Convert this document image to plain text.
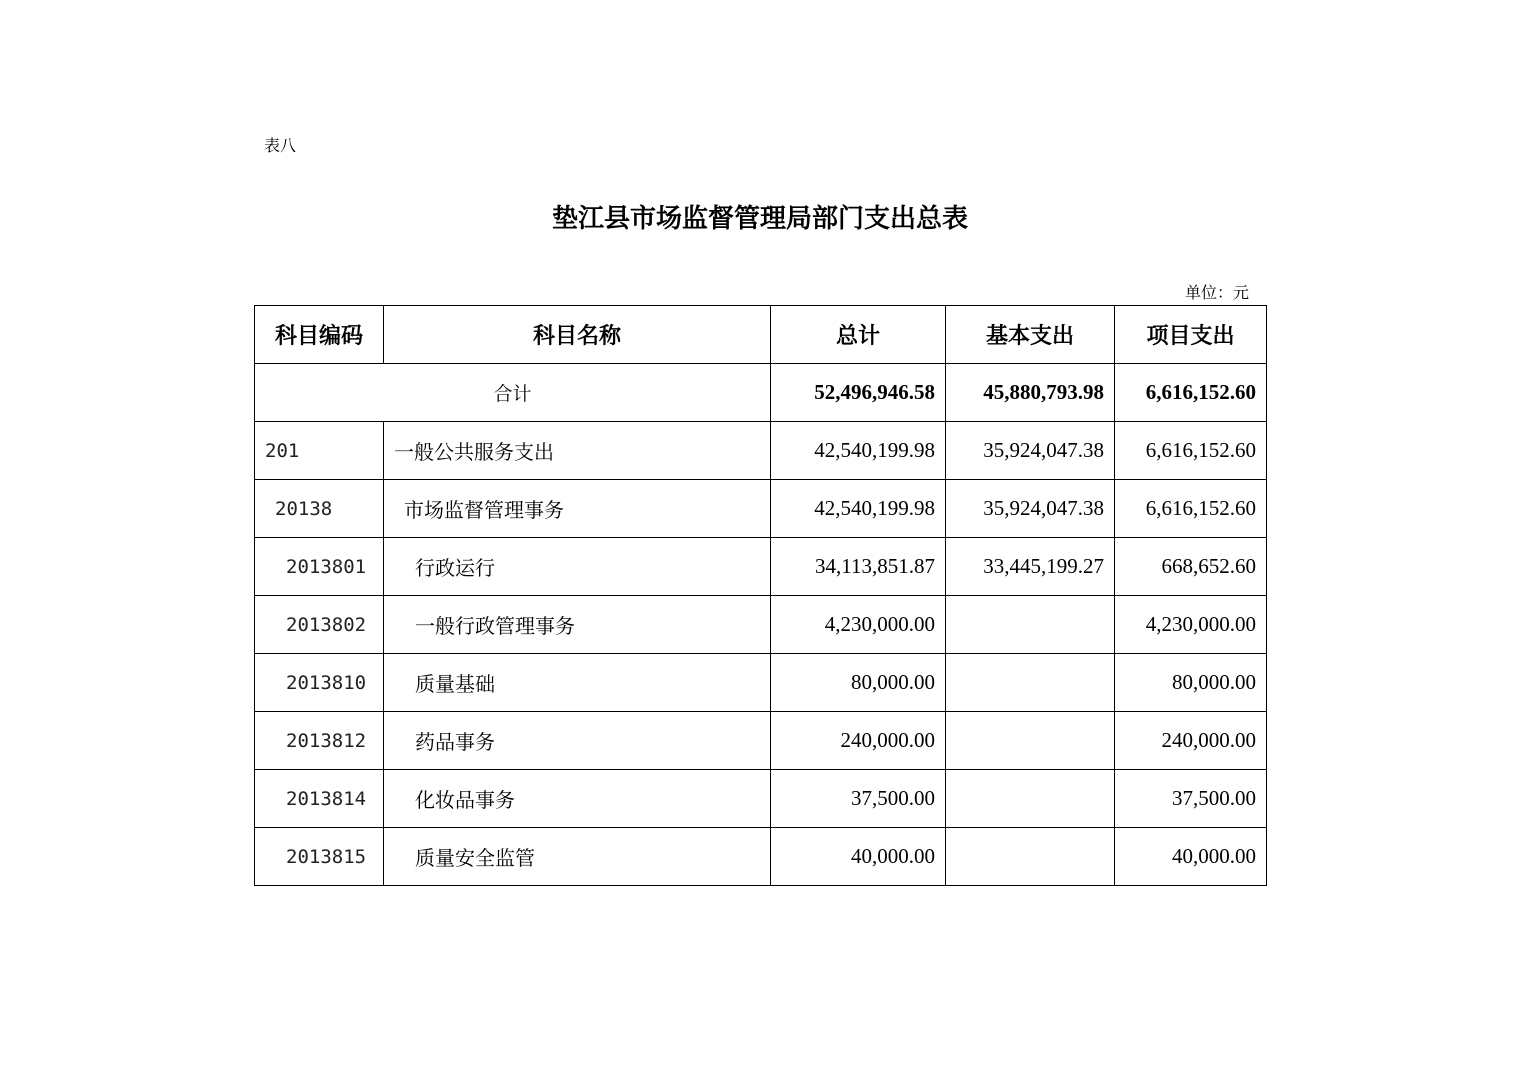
表八
垫江县市场监督管理局部门支出总表
单位：元
科目编码	科目名称	总计	基本支出	项目支出
合计		52,496,946.58	45,880,793.98	6,616,152.60
201	一般公共服务支出	42,540,199.98	35,924,047.38	6,616,152.60
20138	市场监督管理事务	42,540,199.98	35,924,047.38	6,616,152.60
2013801	行政运行	34,113,851.87	33,445,199.27	668,652.60
2013802	一般行政管理事务	4,230,000.00		4,230,000.00
2013810	质量基础	80,000.00		80,000.00
2013812	药品事务	240,000.00		240,000.00
2013814	化妆品事务	37,500.00		37,500.00
2013815	质量安全监管	40,000.00		40,000.00
